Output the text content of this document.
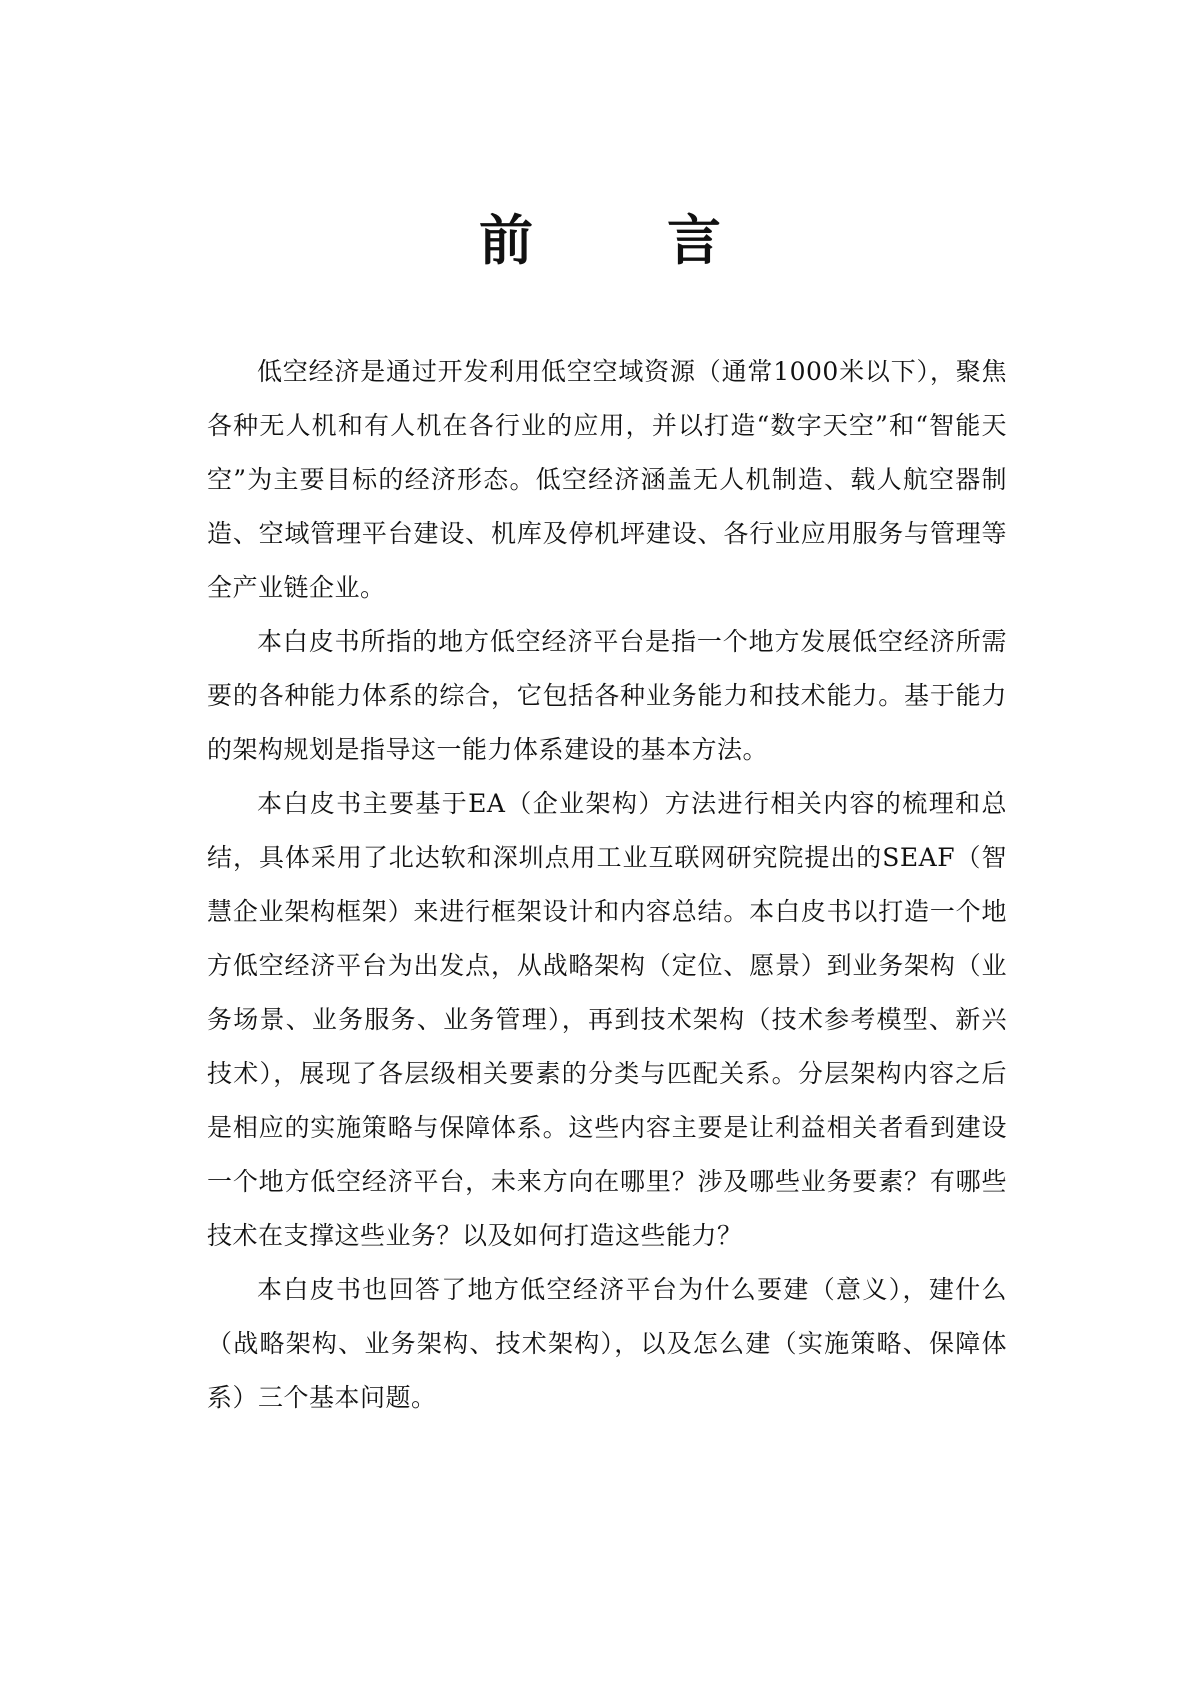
前　言

低空经济是通过开发利用低空空域资源（通常1000米以下），聚焦各种无人机和有人机在各行业的应用，并以打造“数字天空”和“智能天空”为主要目标的经济形态。低空经济涵盖无人机制造、载人航空器制造、空域管理平台建设、机库及停机坪建设、各行业应用服务与管理等全产业链企业。

本白皮书所指的地方低空经济平台是指一个地方发展低空经济所需要的各种能力体系的综合，它包括各种业务能力和技术能力。基于能力的架构规划是指导这一能力体系建设的基本方法。

本白皮书主要基于EA（企业架构）方法进行相关内容的梳理和总结，具体采用了北达软和深圳点用工业互联网研究院提出的SEAF（智慧企业架构框架）来进行框架设计和内容总结。本白皮书以打造一个地方低空经济平台为出发点，从战略架构（定位、愿景）到业务架构（业务场景、业务服务、业务管理），再到技术架构（技术参考模型、新兴技术），展现了各层级相关要素的分类与匹配关系。分层架构内容之后是相应的实施策略与保障体系。这些内容主要是让利益相关者看到建设一个地方低空经济平台，未来方向在哪里？涉及哪些业务要素？有哪些技术在支撑这些业务？以及如何打造这些能力？

本白皮书也回答了地方低空经济平台为什么要建（意义），建什么（战略架构、业务架构、技术架构），以及怎么建（实施策略、保障体系）三个基本问题。
